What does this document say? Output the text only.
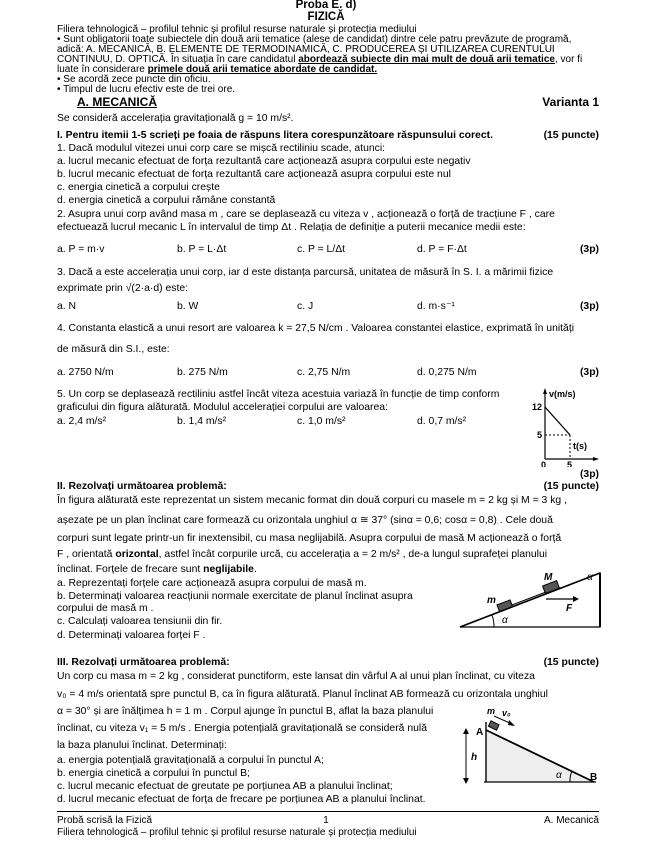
Proba E. d)
FIZICĂ
Filiera tehnologică – profilul tehnic și profilul resurse naturale și protecția mediului
• Sunt obligatorii toate subiectele din două arii tematice (alese de candidat) dintre cele patru prevăzute de programă,
adică: A. MECANICĂ, B. ELEMENTE DE TERMODINAMICĂ, C. PRODUCEREA ȘI UTILIZAREA CURENTULUI
CONTINUU, D. OPTICĂ. În situația în care candidatul abordează subiecte din mai mult de două arii tematice, vor fi
luate în considerare primele două arii tematice abordate de candidat.
• Se acordă zece puncte din oficiu.
• Timpul de lucru efectiv este de trei ore.
A. MECANICĂ	Varianta 1
Se consideră accelerația gravitațională g = 10 m/s².
I. Pentru itemii 1-5 scrieți pe foaia de răspuns litera corespunzătoare răspunsului corect.	(15 puncte)
1. Dacă modulul vitezei unui corp care se mișcă rectiliniu scade, atunci:
a. lucrul mecanic efectuat de forța rezultantă care acționează asupra corpului este negativ
b. lucrul mecanic efectuat de forța rezultantă care acționează asupra corpului este nul
c. energia cinetică a corpului crește
d. energia cinetică a corpului rămâne constantă
2. Asupra unui corp având masa m , care se deplasează cu viteza v , acționează o forță de tracțiune F , care
efectuează lucrul mecanic L în intervalul de timp Δt . Relația de definiție a puterii mecanice medii este:
a. P = m·v	b. P = L·Δt	c. P = L/Δt	d. P = F·Δt	(3p)
3. Dacă a este accelerația unui corp, iar d este distanța parcursă, unitatea de măsură în S. I. a mărimii fizice
exprimate prin √(2·a·d) este:
a. N	b. W	c. J	d. m·s⁻¹	(3p)
4. Constanta elastică a unui resort are valoarea k = 27,5 N/cm . Valoarea constantei elastice, exprimată în unități
de măsură din S.I., este:
a. 2750 N/m	b. 275 N/m	c. 2,75 N/m	d. 0,275 N/m	(3p)
5. Un corp se deplasează rectiliniu astfel încât viteza acestuia variază în funcție de timp conform
graficului din figura alăturată. Modulul accelerației corpului are valoarea:
a. 2,4 m/s²	b. 1,4 m/s²	c. 1,0 m/s²	d. 0,7 m/s²
v(m/s)
t(s)
12
5
0 5
(3p)
II. Rezolvați următoarea problemă:	(15 puncte)
În figura alăturată este reprezentat un sistem mecanic format din două corpuri cu masele m = 2 kg și M = 3 kg ,
așezate pe un plan înclinat care formează cu orizontala unghiul α ≅ 37° (sinα = 0,6; cosα = 0,8) . Cele două
corpuri sunt legate printr-un fir inextensibil, cu masa neglijabilă. Asupra corpului de masă M acționează o forță
F , orientată orizontal, astfel încât corpurile urcă, cu accelerația a = 2 m/s² , de-a lungul suprafeței planului
înclinat. Forțele de frecare sunt neglijabile.
a. Reprezentați forțele care acționează asupra corpului de masă m.
b. Determinați valoarea reacțiunii normale exercitate de planul înclinat asupra
corpului de masă m .
c. Calculați valoarea tensiunii din fir.
d. Determinați valoarea forței F .
m
M
F
α
α
III. Rezolvați următoarea problemă:	(15 puncte)
Un corp cu masa m = 2 kg , considerat punctiform, este lansat din vârful A al unui plan înclinat, cu viteza
v₀ = 4 m/s orientată spre punctul B, ca în figura alăturată. Planul înclinat AB formează cu orizontala unghiul
α = 30° și are înălțimea h = 1 m . Corpul ajunge în punctul B, aflat la baza planului
înclinat, cu viteza v₁ = 5 m/s . Energia potențială gravitațională se consideră nulă
la baza planului înclinat. Determinați:
a. energia potențială gravitațională a corpului în punctul A;
b. energia cinetică a corpului în punctul B;
c. lucrul mecanic efectuat de greutate pe porțiunea AB a planului înclinat;
d. lucrul mecanic efectuat de forța de frecare pe porțiunea AB a planului înclinat.
A
B
h
m v₀
α
Probă scrisă la Fizică	1	A. Mecanică
Filiera tehnologică – profilul tehnic și profilul resurse naturale și protecția mediului
